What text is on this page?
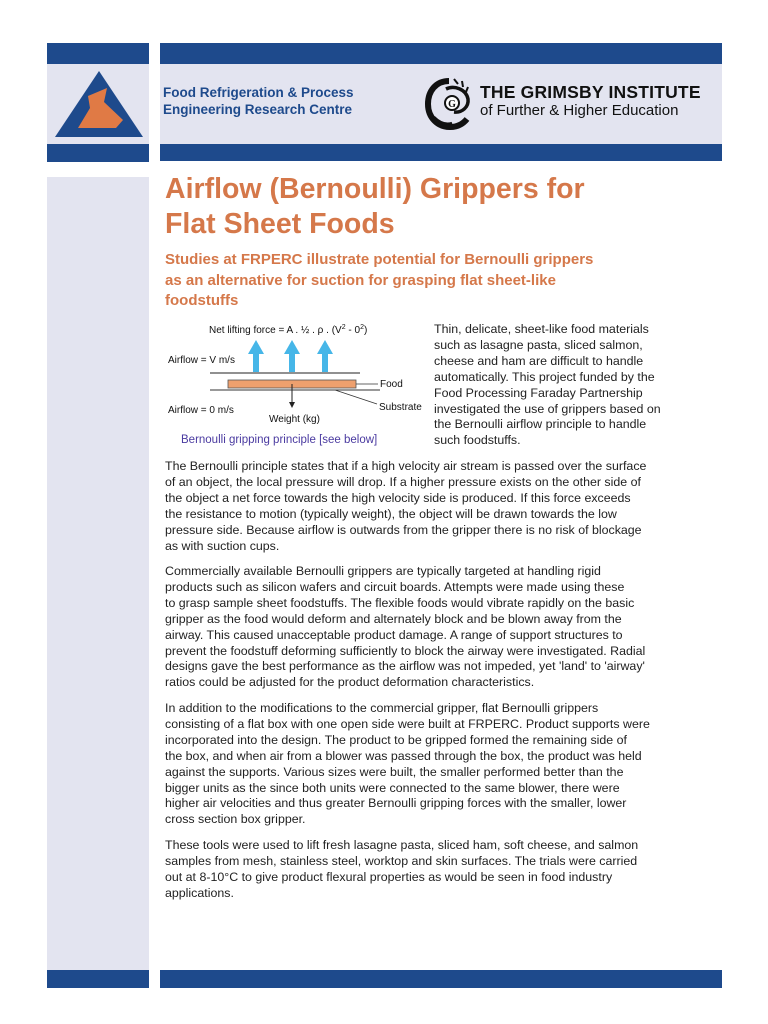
Food Refrigeration & Process
Engineering Research Centre	G
THE GRIMSBY INSTITUTE
of Further & Higher Education
Airflow (Bernoulli) Grippers for
Flat Sheet Foods
Studies at FRPERC illustrate potential for Bernoulli grippers
as an alternative for suction for grasping flat sheet-like
foodstuffs
Net lifting force = A . ½ . ρ . $(V^2 - 0^2)$
Airflow = V m/s
Food
Substrate
Airflow = 0 m/s
Weight (kg)
Bernoulli gripping principle [see below]
Thin, delicate, sheet-like food materials
such as lasagne pasta, sliced salmon,
cheese and ham are difficult to handle
automatically. This project funded by the
Food Processing Faraday Partnership
investigated the use of grippers based on
the Bernoulli airflow principle to handle
such foodstuffs.
The Bernoulli principle states that if a high velocity air stream is passed over the surface
of an object, the local pressure will drop. If a higher pressure exists on the other side of
the object a net force towards the high velocity side is produced. If this force exceeds
the resistance to motion (typically weight), the object will be drawn towards the low
pressure side. Because airflow is outwards from the gripper there is no risk of blockage
as with suction cups.
Commercially available Bernoulli grippers are typically targeted at handling rigid
products such as silicon wafers and circuit boards. Attempts were made using these
to grasp sample sheet foodstuffs. The flexible foods would vibrate rapidly on the basic
gripper as the food would deform and alternately block and be blown away from the
airway. This caused unacceptable product damage. A range of support structures to
prevent the foodstuff deforming sufficiently to block the airway were investigated. Radial
designs gave the best performance as the airflow was not impeded, yet 'land' to 'airway'
ratios could be adjusted for the product deformation characteristics.
In addition to the modifications to the commercial gripper, flat Bernoulli grippers
consisting of a flat box with one open side were built at FRPERC. Product supports were
incorporated into the design. The product to be gripped formed the remaining side of
the box, and when air from a blower was passed through the box, the product was held
against the supports. Various sizes were built, the smaller performed better than the
bigger units as the since both units were connected to the same blower, there were
higher air velocities and thus greater Bernoulli gripping forces with the smaller, lower
cross section box gripper.
These tools were used to lift fresh lasagne pasta, sliced ham, soft cheese, and salmon
samples from mesh, stainless steel, worktop and skin surfaces. The trials were carried
out at 8-10°C to give product flexural properties as would be seen in food industry
applications.
